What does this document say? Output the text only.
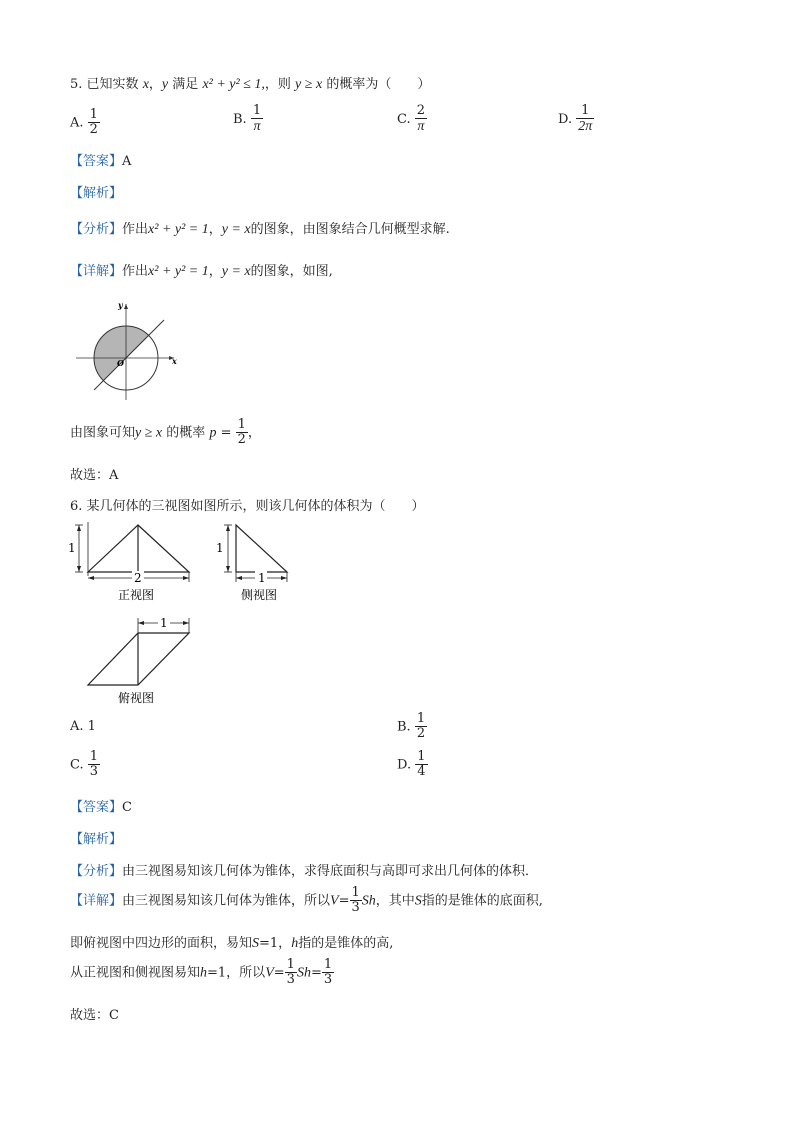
5. 已知实数 x，y 满足 x² + y² ≤ 1,，则 y ≥ x 的概率为（　　）
A. $\frac{1}{2}$	B. $\frac{1}{\pi}$	C. $\frac{2}{\pi}$	D. $\frac{1}{2\pi}$
【答案】A
【解析】
【分析】作出x² + y² = 1，y = x的图象，由图象结合几何概型求解.
【详解】作出x² + y² = 1，y = x的图象，如图,
y
x
O
由图象可知y ≥ x 的概率 $p = \frac{1}{2}$ ，
故选：A
6. 某几何体的三视图如图所示，则该几何体的体积为（　　）
1
2
正视图
1
1
侧视图
1
俯视图
A. 1	B. $\frac{1}{2}$
C. $\frac{1}{3}$	D. $\frac{1}{4}$
【答案】C
【解析】
【分析】由三视图易知该几何体为锥体，求得底面积与高即可求出几何体的体积．
【详解】由三视图易知该几何体为锥体，所以$V= \frac{1}{3}$ Sh，其中S指的是锥体的底面积,
即俯视图中四边形的面积，易知S=1，h指的是锥体的高,
从正视图和侧视图易知h=1，所以$V= \frac{1}{3} Sh= \frac{1}{3}$
故选：C
